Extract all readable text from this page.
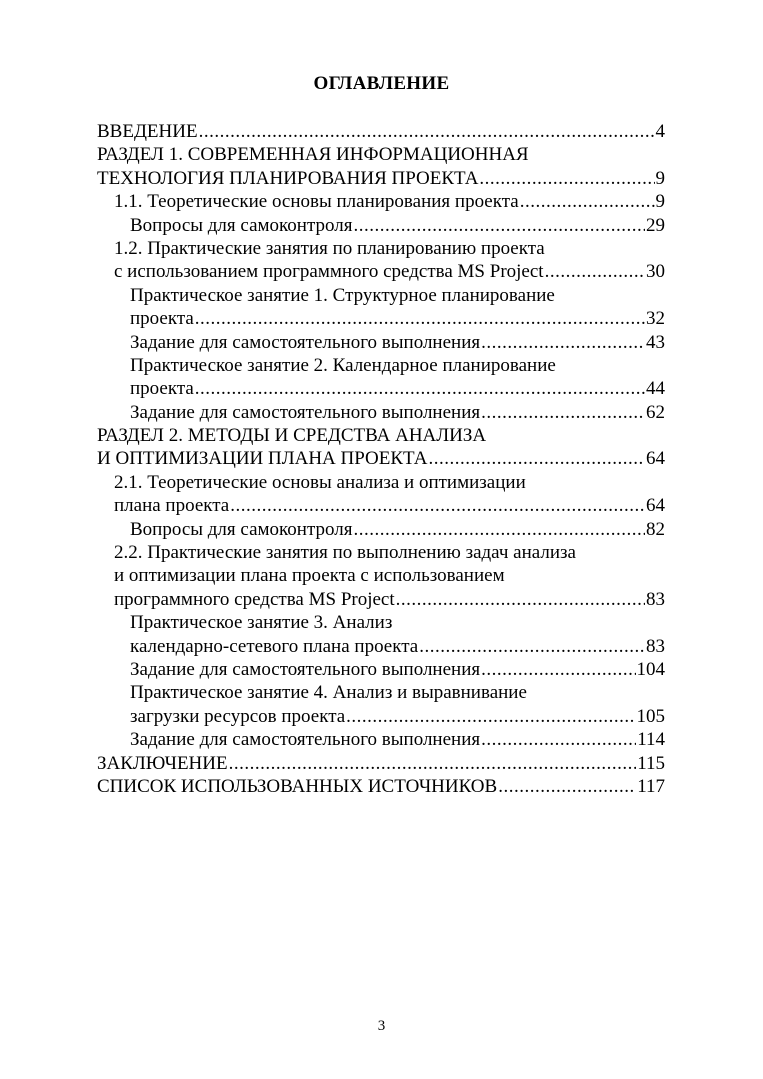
ОГЛАВЛЕНИЕ
ВВЕДЕНИЕ .....	4
РАЗДЕЛ 1. СОВРЕМЕННАЯ ИНФОРМАЦИОННАЯ
ТЕХНОЛОГИЯ ПЛАНИРОВАНИЯ ПРОЕКТА .....	9
1.1. Теоретические основы планирования проекта .....	9
Вопросы для самоконтроля .....	29
1.2. Практические занятия по планированию проекта
с использованием программного средства MS Project .....	30
Практическое занятие 1. Структурное планирование
проекта .....	32
Задание для самостоятельного выполнения .....	43
Практическое занятие 2. Календарное планирование
проекта .....	44
Задание для самостоятельного выполнения .....	62
РАЗДЕЛ 2. МЕТОДЫ И СРЕДСТВА АНАЛИЗА
И ОПТИМИЗАЦИИ ПЛАНА ПРОЕКТА .....	64
2.1. Теоретические основы анализа и оптимизации
плана проекта .....	64
Вопросы для самоконтроля .....	82
2.2. Практические занятия по выполнению задач анализа
и оптимизации плана проекта с использованием
программного средства MS Project .....	83
Практическое занятие 3. Анализ
календарно-сетевого плана проекта .....	83
Задание для самостоятельного выполнения .....	104
Практическое занятие 4. Анализ и выравнивание
загрузки ресурсов проекта .....	105
Задание для самостоятельного выполнения .....	114
ЗАКЛЮЧЕНИЕ .....	115
СПИСОК ИСПОЛЬЗОВАННЫХ ИСТОЧНИКОВ .....	117
3
